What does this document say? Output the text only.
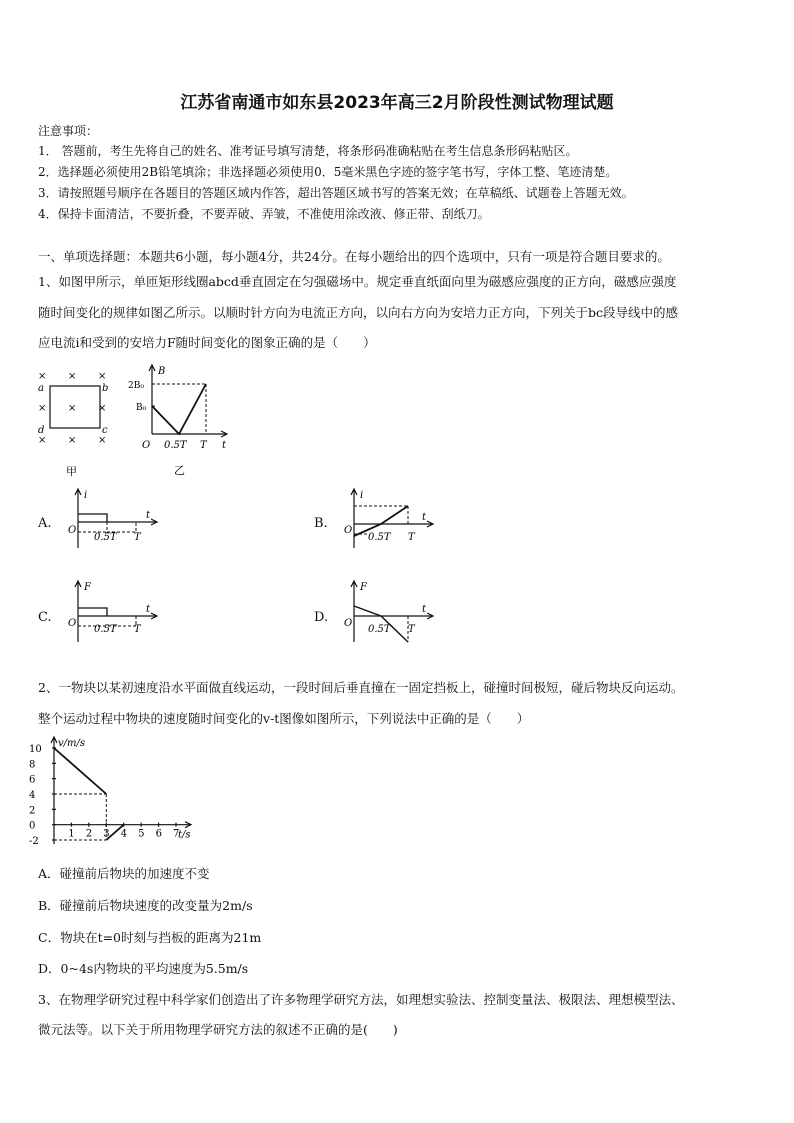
江苏省南通市如东县2023年高三2月阶段性测试物理试题
注意事项：
1． 答题前，考生先将自己的姓名、准考证号填写清楚，将条形码准确粘贴在考生信息条形码粘贴区。
2．选择题必须使用2B铅笔填涂；非选择题必须使用0．5毫米黑色字迹的签字笔书写，字体工整、笔迹清楚。
3．请按照题号顺序在各题目的答题区域内作答，超出答题区域书写的答案无效；在草稿纸、试题卷上答题无效。
4．保持卡面清洁，不要折叠，不要弄破、弄皱，不准使用涂改液、修正带、刮纸刀。
一、单项选择题：本题共6小题，每小题4分，共24分。在每小题给出的四个选项中，只有一项是符合题目要求的。
1、如图甲所示，单匝矩形线圈abcd垂直固定在匀强磁场中。规定垂直纸面向里为磁感应强度的正方向，磁感应强度
随时间变化的规律如图乙所示。以顺时针方向为电流正方向，以向右方向为安培力正方向，下列关于bc段导线中的感
应电流i和受到的安培力F随时间变化的图象正确的是（　　）
× × ×
× × ×
× × ×
a	b
c
d
甲
B
2B₀
B₀
O 0.5T T t
乙
A.
i
t
O
0.5T T
B.
i
t
O
0.5T T
C.
F
t
O
0.5T T
D.
F
t
O
0.5T T
2、一物块以某初速度沿水平面做直线运动，一段时间后垂直撞在一固定挡板上，碰撞时间极短，碰后物块反向运动。
整个运动过程中物块的速度随时间变化的v-t图像如图所示，下列说法中正确的是（　　）
10
8
6
4
2
0
-2
1 2 3 4 5 6 7
v/m/s
t/s
A．碰撞前后物块的加速度不变
B．碰撞前后物块速度的改变量为2m/s
C．物块在t=0时刻与挡板的距离为21m
D．0~4s内物块的平均速度为5.5m/s
3、在物理学研究过程中科学家们创造出了许多物理学研究方法，如理想实验法、控制变量法、极限法、理想模型法、
微元法等。以下关于所用物理学研究方法的叙述不正确的是(　　)
